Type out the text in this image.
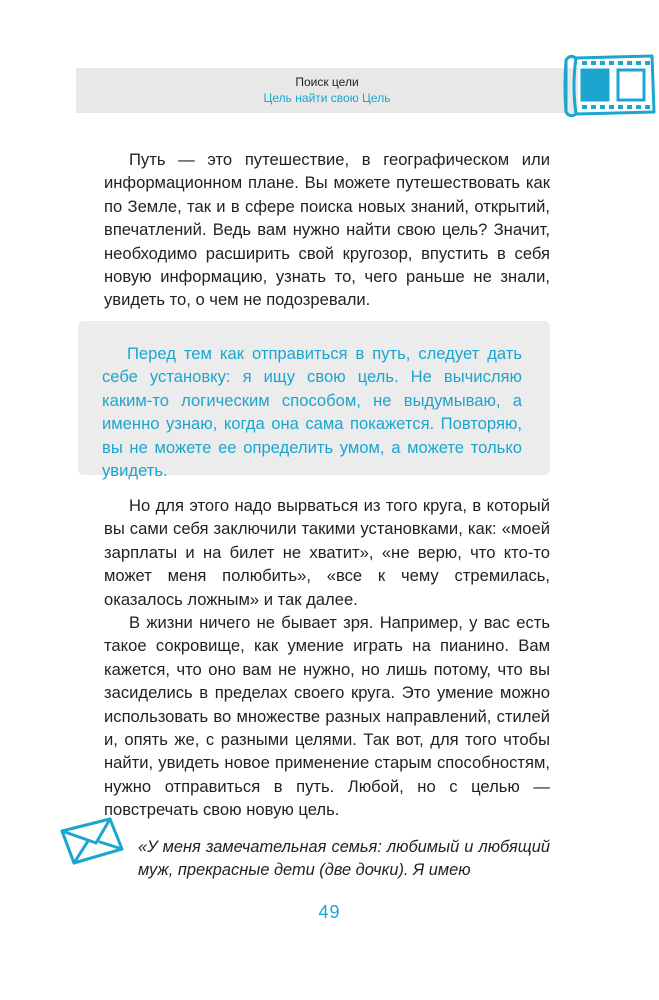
Поиск цели
Цель найти свою Цель

Путь — это путешествие, в географическом или информационном плане. Вы можете путешествовать как по Земле, так и в сфере поиска новых знаний, открытий, впечатлений. Ведь вам нужно найти свою цель? Значит, необходимо расширить свой кругозор, впустить в себя новую информацию, узнать то, чего раньше не знали, увидеть то, о чем не подозревали.

Перед тем как отправиться в путь, следует дать себе установку: я ищу свою цель. Не вычисляю каким-то логическим способом, не выдумываю, а именно узнаю, когда она сама покажется. Повторяю, вы не можете ее определить умом, а можете только увидеть.

Но для этого надо вырваться из того круга, в который вы сами себя заключили такими установками, как: «моей зарплаты и на билет не хватит», «не верю, что кто-то может меня полюбить», «все к чему стремилась, оказалось ложным» и так далее.

В жизни ничего не бывает зря. Например, у вас есть такое сокровище, как умение играть на пианино. Вам кажется, что оно вам не нужно, но лишь потому, что вы засиделись в пределах своего круга. Это умение можно использовать во множестве разных направлений, стилей и, опять же, с разными целями. Так вот, для того чтобы найти, увидеть новое применение старым способностям, нужно отправиться в путь. Любой, но с целью — повстречать свою новую цель.

«У меня замечательная семья: любимый и любящий муж, прекрасные дети (две дочки). Я имею

49
